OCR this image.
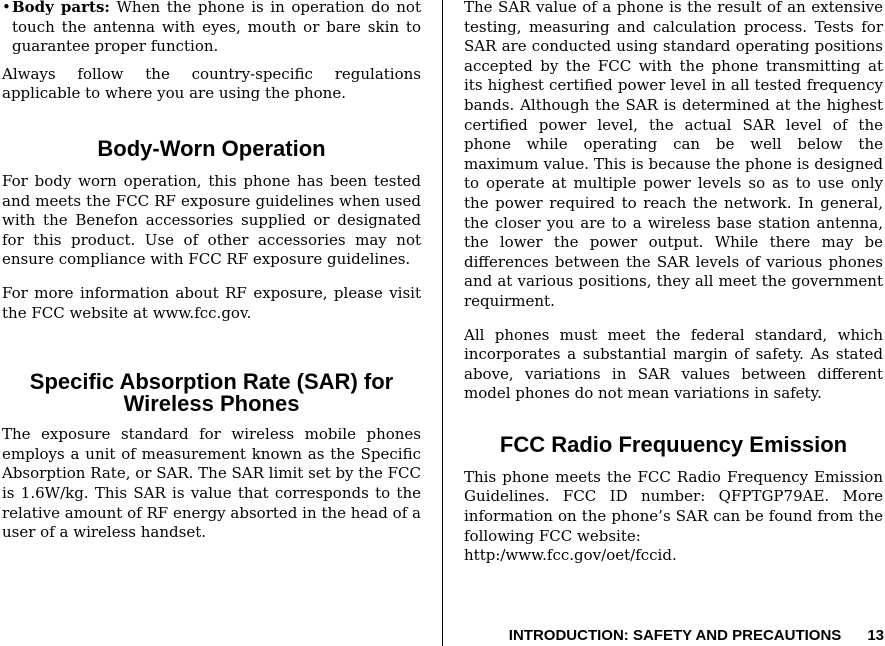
• Body parts: When the phone is in operation do not touch the antenna with eyes, mouth or bare skin to guarantee proper function.

Always follow the country-specific regulations applicable to where you are using the phone.

Body-Worn Operation

For body worn operation, this phone has been tested and meets the FCC RF exposure guidelines when used with the Benefon accessories supplied or designated for this product. Use of other accessories may not ensure compliance with FCC RF exposure guidelines.

For more information about RF exposure, please visit the FCC website at www.fcc.gov.

Specific Absorption Rate (SAR) for
Wireless Phones

The exposure standard for wireless mobile phones employs a unit of measurement known as the Specific Absorption Rate, or SAR. The SAR limit set by the FCC is 1.6W/kg. This SAR is value that corresponds to the relative amount of RF energy absorted in the head of a user of a wireless handset.

The SAR value of a phone is the result of an extensive testing, measuring and calculation process. Tests for SAR are conducted using standard operating positions accepted by the FCC with the phone transmitting at its highest certified power level in all tested frequency bands. Although the SAR is determined at the highest certified power level, the actual SAR level of the phone while operating can be well below the maximum value. This is because the phone is designed to operate at multiple power levels so as to use only the power required to reach the network. In general, the closer you are to a wireless base station antenna, the lower the power output. While there may be differences between the SAR levels of various phones and at various positions, they all meet the government requirment.

All phones must meet the federal standard, which incorporates a substantial margin of safety. As stated above, variations in SAR values between different model phones do not mean variations in safety.

FCC Radio Frequuency Emission

This phone meets the FCC Radio Frequency Emission Guidelines. FCC ID number: QFPTGP79AE. More information on the phone’s SAR can be found from the following FCC website:

http:/www.fcc.gov/oet/fccid.

INTRODUCTION: SAFETY AND PRECAUTIONS 13
